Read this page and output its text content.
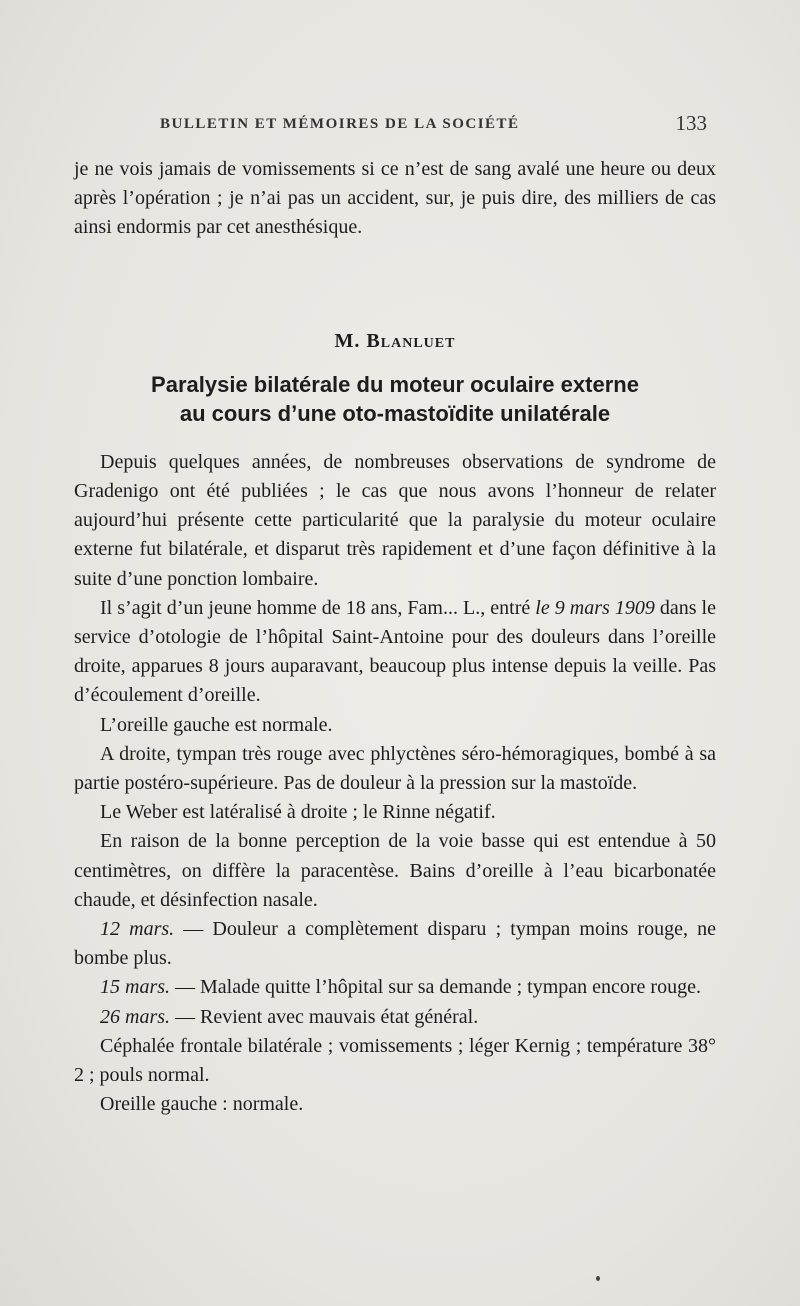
BULLETIN ET MÉMOIRES DE LA SOCIÉTÉ	133

je ne vois jamais de vomissements si ce n’est de sang avalé une heure ou deux après l’opération ; je n’ai pas un accident, sur, je puis dire, des milliers de cas ainsi endormis par cet anesthésique.

M. Blanluet
Paralysie bilatérale du moteur oculaire externe
au cours d’une oto-mastoïdite unilatérale

Depuis quelques années, de nombreuses observations de syndrome de Gradenigo ont été publiées ; le cas que nous avons l’honneur de relater aujourd’hui présente cette particularité que la paralysie du moteur oculaire externe fut bilatérale, et disparut très rapidement et d’une façon définitive à la suite d’une ponction lombaire.

Il s’agit d’un jeune homme de 18 ans, Fam... L., entré le 9 mars 1909 dans le service d’otologie de l’hôpital Saint-Antoine pour des douleurs dans l’oreille droite, apparues 8 jours auparavant, beaucoup plus intense depuis la veille. Pas d’écoulement d’oreille.

L’oreille gauche est normale.

A droite, tympan très rouge avec phlyctènes séro-hémoragiques, bombé à sa partie postéro-supérieure. Pas de douleur à la pression sur la mastoïde.

Le Weber est latéralisé à droite ; le Rinne négatif.

En raison de la bonne perception de la voie basse qui est entendue à 50 centimètres, on diffère la paracentèse. Bains d’oreille à l’eau bicarbonatée chaude, et désinfection nasale.

12 mars. — Douleur a complètement disparu ; tympan moins rouge, ne bombe plus.

15 mars. — Malade quitte l’hôpital sur sa demande ; tympan encore rouge.

26 mars. — Revient avec mauvais état général.

Céphalée frontale bilatérale ; vomissements ; léger Kernig ; température 38° 2 ; pouls normal.

Oreille gauche : normale.
